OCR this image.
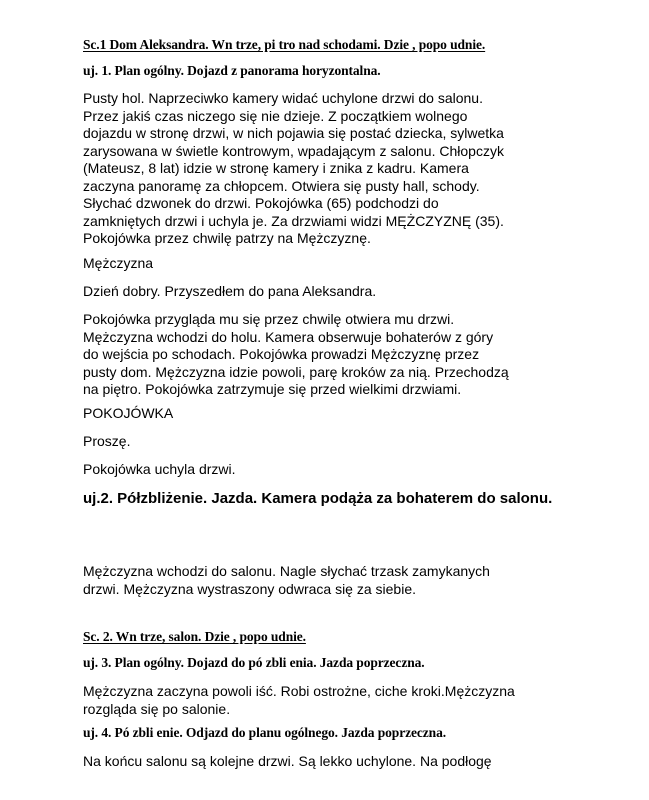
Sc.1 Dom Aleksandra. Wn trze, pi tro nad schodami. Dzie , popo udnie.
uj. 1. Plan ogólny. Dojazd z panorama horyzontalna.
Pusty hol. Naprzeciwko kamery widać uchylone drzwi do salonu.
Przez jakiś czas niczego się nie dzieje. Z początkiem wolnego
dojazdu w stronę drzwi, w nich pojawia się postać dziecka, sylwetka
zarysowana w świetle kontrowym, wpadającym z salonu. Chłopczyk
(Mateusz, 8 lat) idzie w stronę kamery i znika z kadru. Kamera
zaczyna panoramę za chłopcem. Otwiera się pusty hall, schody.
Słychać dzwonek do drzwi. Pokojówka (65) podchodzi do
zamkniętych drzwi i uchyla je. Za drzwiami widzi MĘŻCZYZNĘ (35).
Pokojówka przez chwilę patrzy na Mężczyznę.
Mężczyzna
Dzień dobry. Przyszedłem do pana Aleksandra.
Pokojówka przygląda mu się przez chwilę otwiera mu drzwi.
Mężczyzna wchodzi do holu. Kamera obserwuje bohaterów z góry
do wejścia po schodach. Pokojówka prowadzi Mężczyznę przez
pusty dom. Mężczyzna idzie powoli, parę kroków za nią. Przechodzą
na piętro. Pokojówka zatrzymuje się przed wielkimi drzwiami.
POKOJÓWKA
Proszę.
Pokojówka uchyla drzwi.
uj.2. Półzbliżenie. Jazda. Kamera podąża za bohaterem do salonu.
Mężczyzna wchodzi do salonu. Nagle słychać trzask zamykanych
drzwi. Mężczyzna wystraszony odwraca się za siebie.
Sc. 2. Wn trze, salon. Dzie , popo udnie.
uj. 3. Plan ogólny. Dojazd do pó zbli enia. Jazda poprzeczna.
Mężczyzna zaczyna powoli iść. Robi ostrożne, ciche kroki.Mężczyzna
rozgląda się po salonie.
uj. 4. Pó zbli enie. Odjazd do planu ogólnego. Jazda poprzeczna.
Na końcu salonu są kolejne drzwi. Są lekko uchylone. Na podłogę
